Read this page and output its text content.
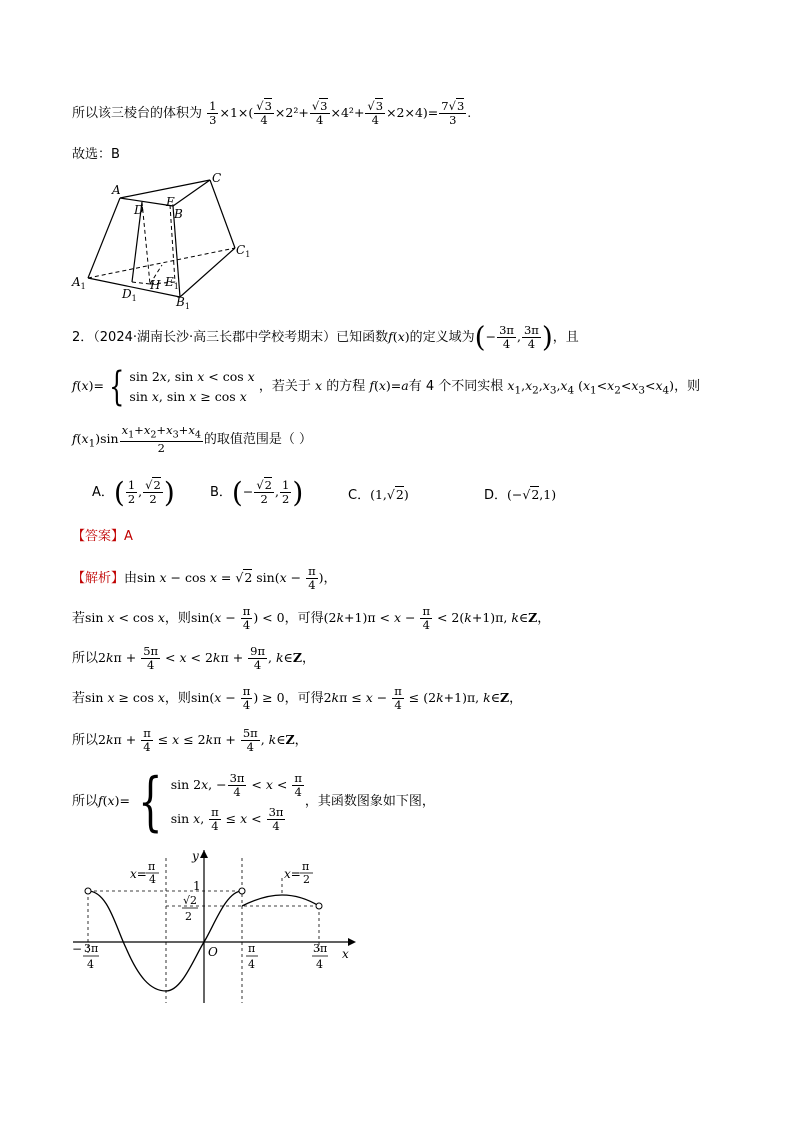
所以该三棱台的体积为 $\frac{1}{3} \times 1\times( \frac{√3}{4} \times 2^2+ \frac{√3}{4} \times 4^2+ \frac{√3}{4} \times 2\times 4)= \frac{7√3}{3}$ .
故选：B
A
C
D
E
B
$C_1$
$A_1$
$D_1$
H $E_1$
$B_1$
2．（2024·湖南长沙·高三长郡中学校考期末）已知函数f(x)的定义域为(− $\frac{3\pi}{4}$ , $\frac{3\pi}{4}$ )，且
f(x)= { sin 2x, sin x < cos x
sin x, sin x ≥ cos x
，若关于 x 的方程 f(x)=a有 4 个不同实根 $x_1,x_2,x_3,x_4$ $(x_1<x_2<x_3<x_4)$，则
$f(x_1)\sin \frac{x_1+x_2+x_3+x_4}{2}$ 的取值范围是（ ）
A．( $\frac{1}{2}$ , $\frac{√2}{2}$ )	B．(− $\frac{√2}{2}$ , $\frac{1}{2}$ )	C．(1,√2)	D．(−√2,1)
【答案】A
【解析】由sin x − cos x = √2 $\sin(x - \frac{\pi}{4}$ )，
若sin x < cos x，则$\sin(x - \frac{\pi}{4}$ ) < 0，可得$(2k+1)\pi < x - \frac{\pi}{4} < 2(k+1)\pi$, k∈Z，
所以$2k\pi + \frac{5\pi}{4} < x < 2k\pi + \frac{9\pi}{4}$ , k∈Z，
若sin x ≥ cos x，则$\sin(x - \frac{\pi}{4}$ ) ≥ 0，可得$2k\pi \le x - \frac{\pi}{4} \le (2k+1)\pi$, k∈Z，
所以$2k\pi + \frac{\pi}{4} \le x \le 2k\pi + \frac{5\pi}{4}$ , k∈Z，
所以f(x)= { sin 2x, − $\frac{3\pi}{4} < x < \frac{\pi}{4}$
sin x, $\frac{\pi}{4} \le x < \frac{3\pi}{4}$
，其函数图象如下图，
x=
π
4	x=
π
2
1
√2
2
O
− 3π
4
π
4
3π
4
x
y
